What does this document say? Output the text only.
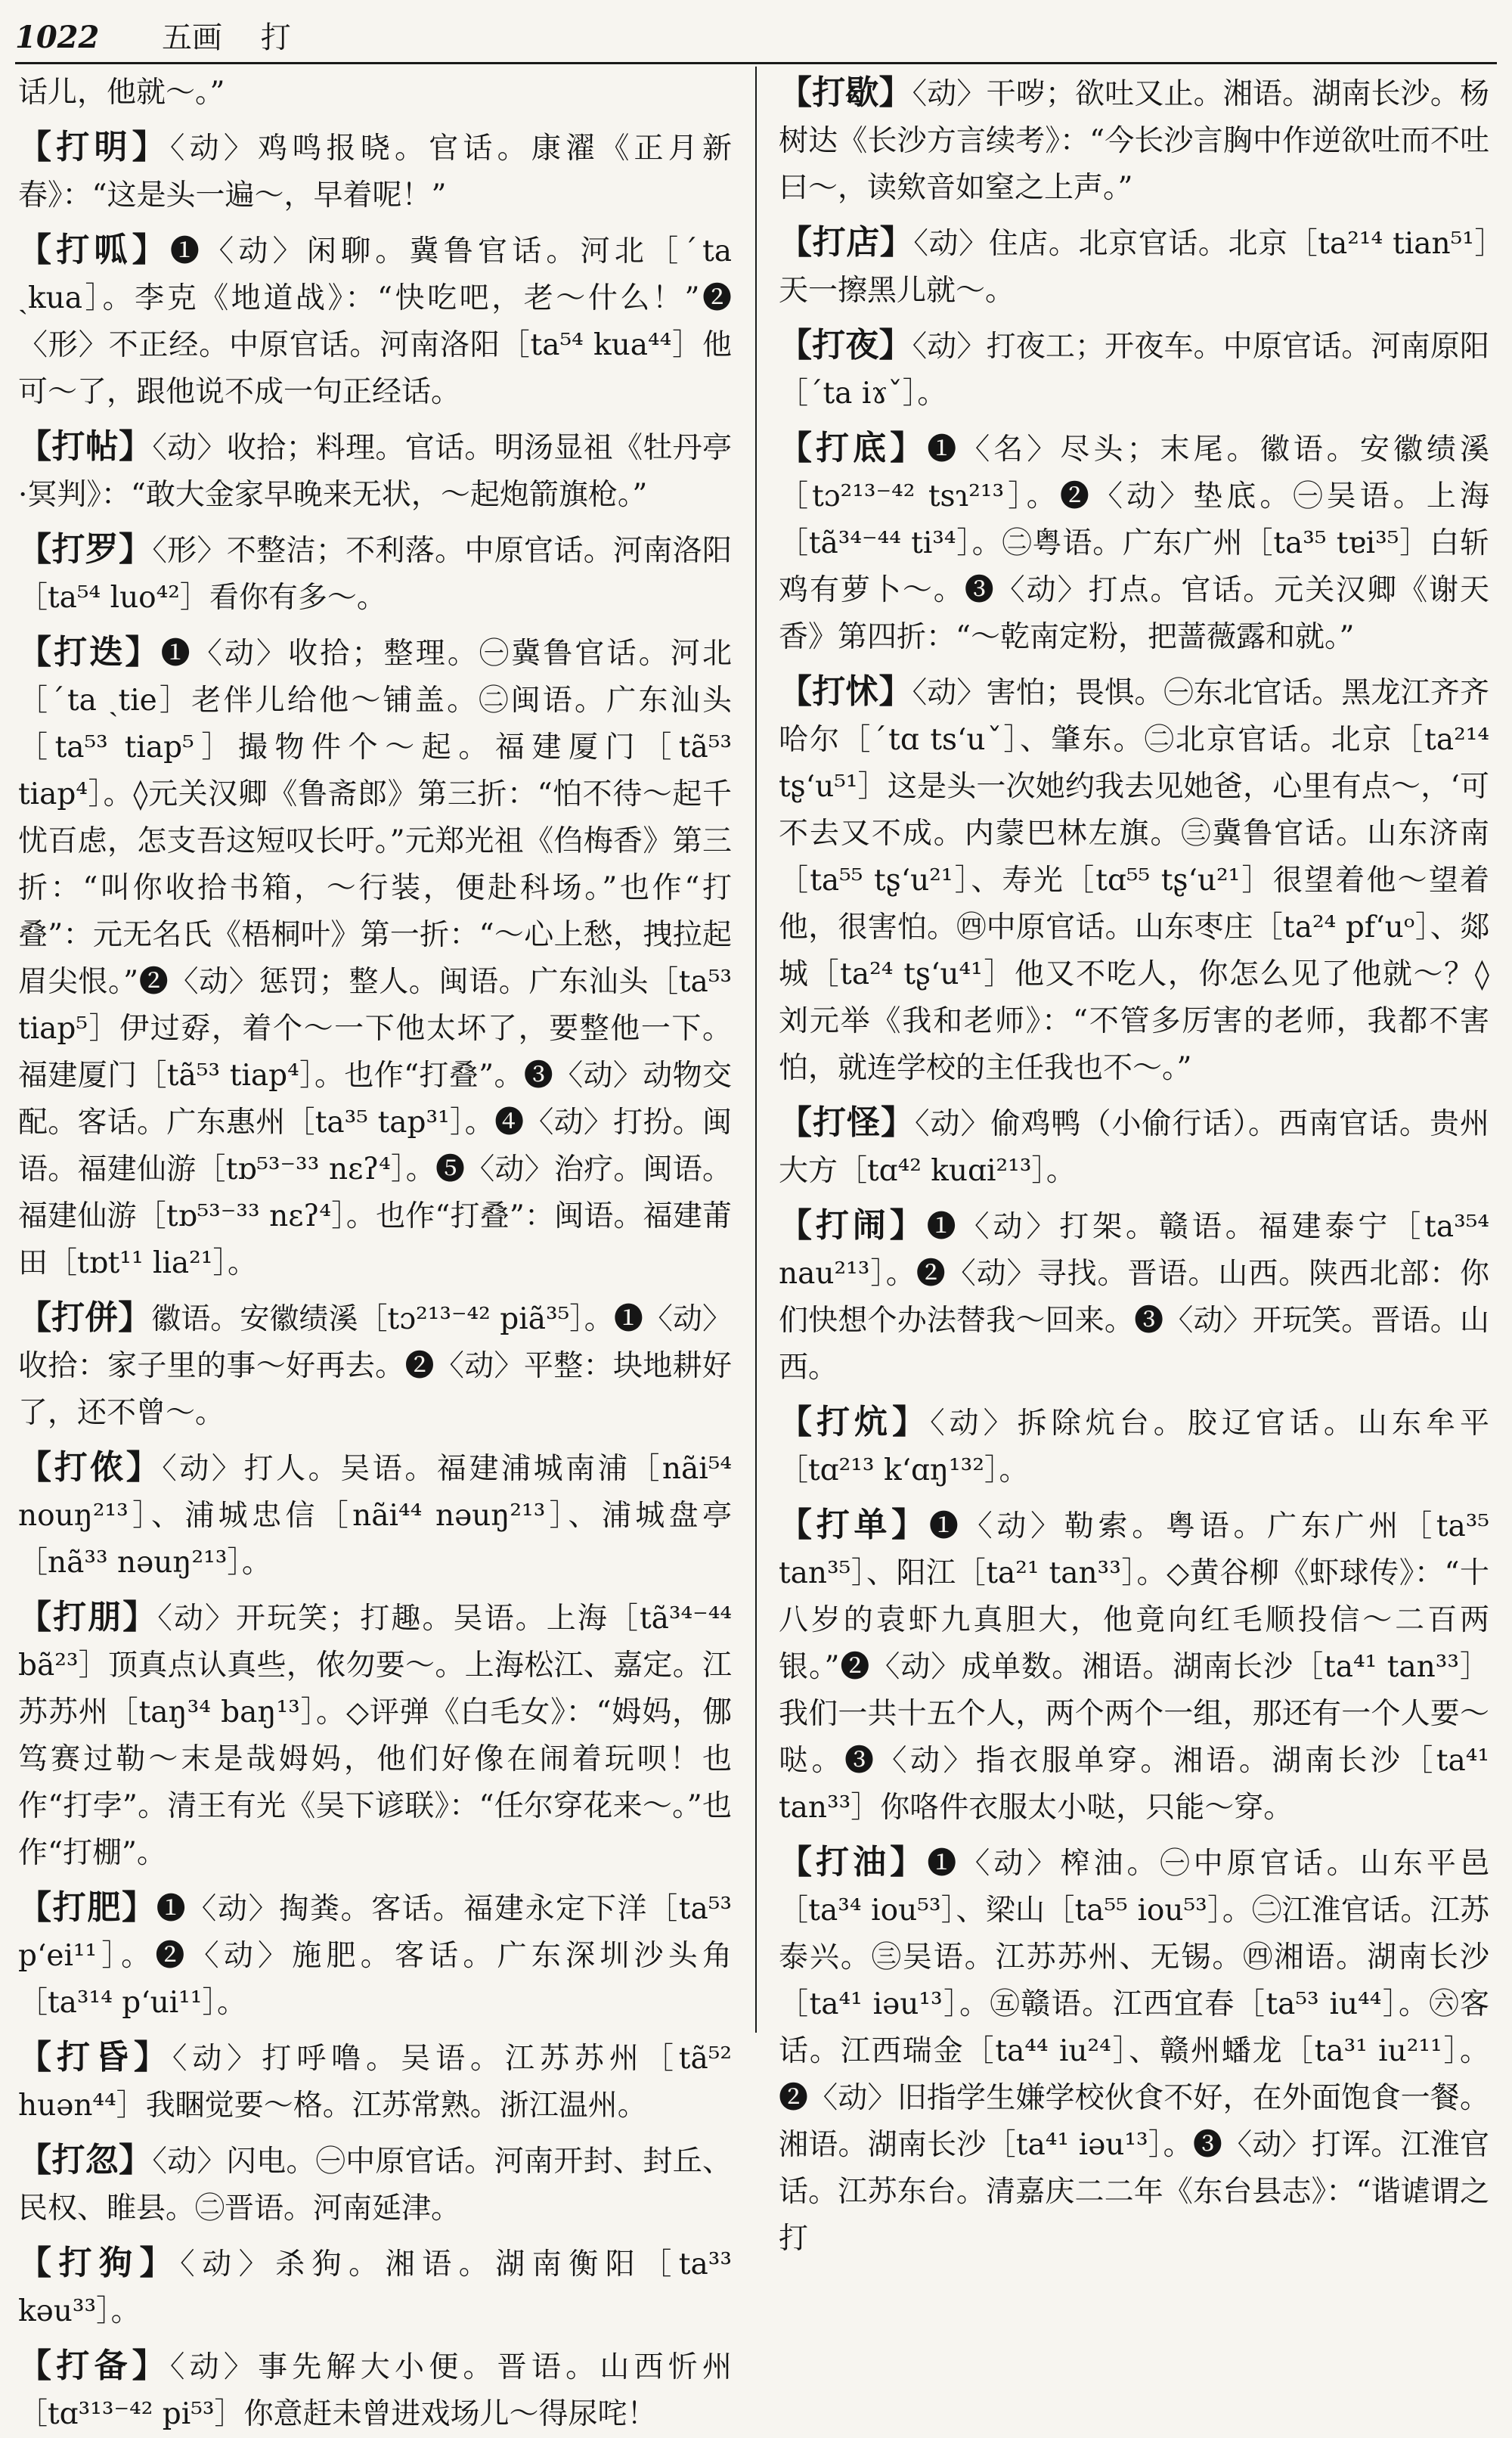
1022 五画 打
话儿，他就～。”
【打明】〈动〉鸡鸣报晓。官话。康濯《正月新春》：“这是头一遍～，早着呢！”
【打呱】❶〈动〉闲聊。冀鲁官话。河北［ˊta ˏkua］。李克《地道战》：“快吃吧，老～什么！”❷〈形〉不正经。中原官话。河南洛阳［ta⁵⁴ kua⁴⁴］他可～了，跟他说不成一句正经话。
【打帖】〈动〉收拾；料理。官话。明汤显祖《牡丹亭·冥判》：“敢大金家早晚来无状，～起炮箭旗枪。”
【打罗】〈形〉不整洁；不利落。中原官话。河南洛阳［ta⁵⁴ luo⁴²］看你有多～。
【打迭】❶〈动〉收拾；整理。㊀冀鲁官话。河北［ˊta ˏtie］老伴儿给他～铺盖。㊁闽语。广东汕头［ta⁵³ tiap⁵］撮物件个～起。福建厦门［tã⁵³ tiap⁴］。◊元关汉卿《鲁斋郎》第三折：“怕不待～起千忧百虑，怎支吾这短叹长吁。”元郑光祖《㑇梅香》第三折：“叫你收拾书箱，～行装，便赴科场。”也作“打叠”：元无名氏《梧桐叶》第一折：“～心上愁，拽拉起眉尖恨。”❷〈动〉惩罚；整人。闽语。广东汕头［ta⁵³ tiap⁵］伊过孬，着个～一下他太坏了，要整他一下。福建厦门［tã⁵³ tiap⁴］。也作“打叠”。❸〈动〉动物交配。客话。广东惠州［ta³⁵ tap³¹］。❹〈动〉打扮。闽语。福建仙游［tɒ⁵³⁻³³ nɛʔ⁴］。❺〈动〉治疗。闽语。福建仙游［tɒ⁵³⁻³³ nɛʔ⁴］。也作“打叠”：闽语。福建莆田［tɒt¹¹ lia²¹］。
【打併】徽语。安徽绩溪［tɔ²¹³⁻⁴² piã³⁵］。❶〈动〉收拾：家子里的事～好再去。❷〈动〉平整：块地耕好了，还不曾～。
【打侬】〈动〉打人。吴语。福建浦城南浦［nãi⁵⁴ nouŋ²¹³］、浦城忠信［nãi⁴⁴ nəuŋ²¹³］、浦城盘亭［nã³³ nəuŋ²¹³］。
【打朋】〈动〉开玩笑；打趣。吴语。上海［tã³⁴⁻⁴⁴ bã²³］顶真点认真些，侬勿要～。上海松江、嘉定。江苏苏州［taŋ³⁴ baŋ¹³］。◇评弹《白毛女》：“姆妈，㑚笃赛过勒～末是哉姆妈，他们好像在闹着玩呗！也作“打孛”。清王有光《吴下谚联》：“任尔穿花来～。”也作“打棚”。
【打肥】❶〈动〉掏粪。客话。福建永定下洋［ta⁵³ pʻei¹¹］。❷〈动〉施肥。客话。广东深圳沙头角［ta³¹⁴ pʻui¹¹］。
【打昏】〈动〉打呼噜。吴语。江苏苏州［tã⁵² huən⁴⁴］我睏觉要～格。江苏常熟。浙江温州。
【打忽】〈动〉闪电。㊀中原官话。河南开封、封丘、民权、睢县。㊁晋语。河南延津。
【打狗】〈动〉杀狗。湘语。湖南衡阳［ta³³ kəu³³］。
【打备】〈动〉事先解大小便。晋语。山西忻州［tɑ³¹³⁻⁴² pi⁵³］你意赶未曾进戏场儿～得尿咤！
【打歇】〈动〉干哕；欲吐又止。湘语。湖南长沙。杨树达《长沙方言续考》：“今长沙言胸中作逆欲吐而不吐曰～，读欸音如窒之上声。”
【打店】〈动〉住店。北京官话。北京［ta²¹⁴ tian⁵¹］天一擦黑儿就～。
【打夜】〈动〉打夜工；开夜车。中原官话。河南原阳［ˊta iɤˇ］。
【打底】❶〈名〉尽头；末尾。徽语。安徽绩溪［tɔ²¹³⁻⁴² tsɿ²¹³］。❷〈动〉垫底。㊀吴语。上海［tã³⁴⁻⁴⁴ ti³⁴］。㊁粤语。广东广州［ta³⁵ tɐi³⁵］白斩鸡有萝卜～。❸〈动〉打点。官话。元关汉卿《谢天香》第四折：“～乾南定粉，把蔷薇露和就。”
【打怵】〈动〉害怕；畏惧。㊀东北官话。黑龙江齐齐哈尔［ˊtɑ tsʻuˇ］、肇东。㊁北京官话。北京［ta²¹⁴ tʂʻu⁵¹］这是头一次她约我去见她爸，心里有点～，‘可不去又不成。内蒙巴林左旗。㊂冀鲁官话。山东济南［ta⁵⁵ tʂʻu²¹］、寿光［tɑ⁵⁵ tʂʻu²¹］很望着他～望着他，很害怕。㊃中原官话。山东枣庄［ta²⁴ pfʻuᵒ］、郯城［ta²⁴ tʂʻu⁴¹］他又不吃人，你怎么见了他就～？◊刘元举《我和老师》：“不管多厉害的老师，我都不害怕，就连学校的主任我也不～。”
【打怪】〈动〉偷鸡鸭（小偷行话）。西南官话。贵州大方［tɑ⁴² kuɑi²¹³］。
【打闹】❶〈动〉打架。赣语。福建泰宁［ta³⁵⁴ nau²¹³］。❷〈动〉寻找。晋语。山西。陕西北部：你们快想个办法替我～回来。❸〈动〉开玩笑。晋语。山西。
【打炕】〈动〉拆除炕台。胶辽官话。山东牟平［tɑ²¹³ kʻɑŋ¹³²］。
【打单】❶〈动〉勒索。粤语。广东广州［ta³⁵ tan³⁵］、阳江［ta²¹ tan³³］。◇黄谷柳《虾球传》：“十八岁的袁虾九真胆大，他竟向红毛顺投信～二百两银。”❷〈动〉成单数。湘语。湖南长沙［ta⁴¹ tan³³］我们一共十五个人，两个两个一组，那还有一个人要～哒。❸〈动〉指衣服单穿。湘语。湖南长沙［ta⁴¹ tan³³］你咯件衣服太小哒，只能～穿。
【打油】❶〈动〉榨油。㊀中原官话。山东平邑［ta³⁴ iou⁵³］、梁山［ta⁵⁵ iou⁵³］。㊁江淮官话。江苏泰兴。㊂吴语。江苏苏州、无锡。㊃湘语。湖南长沙［ta⁴¹ iəu¹³］。㊄赣语。江西宜春［ta⁵³ iu⁴⁴］。㊅客话。江西瑞金［ta⁴⁴ iu²⁴］、赣州蟠龙［ta³¹ iu²¹¹］。❷〈动〉旧指学生嫌学校伙食不好，在外面饱食一餐。湘语。湖南长沙［ta⁴¹ iəu¹³］。❸〈动〉打诨。江淮官话。江苏东台。清嘉庆二二年《东台县志》：“谐谑谓之打
